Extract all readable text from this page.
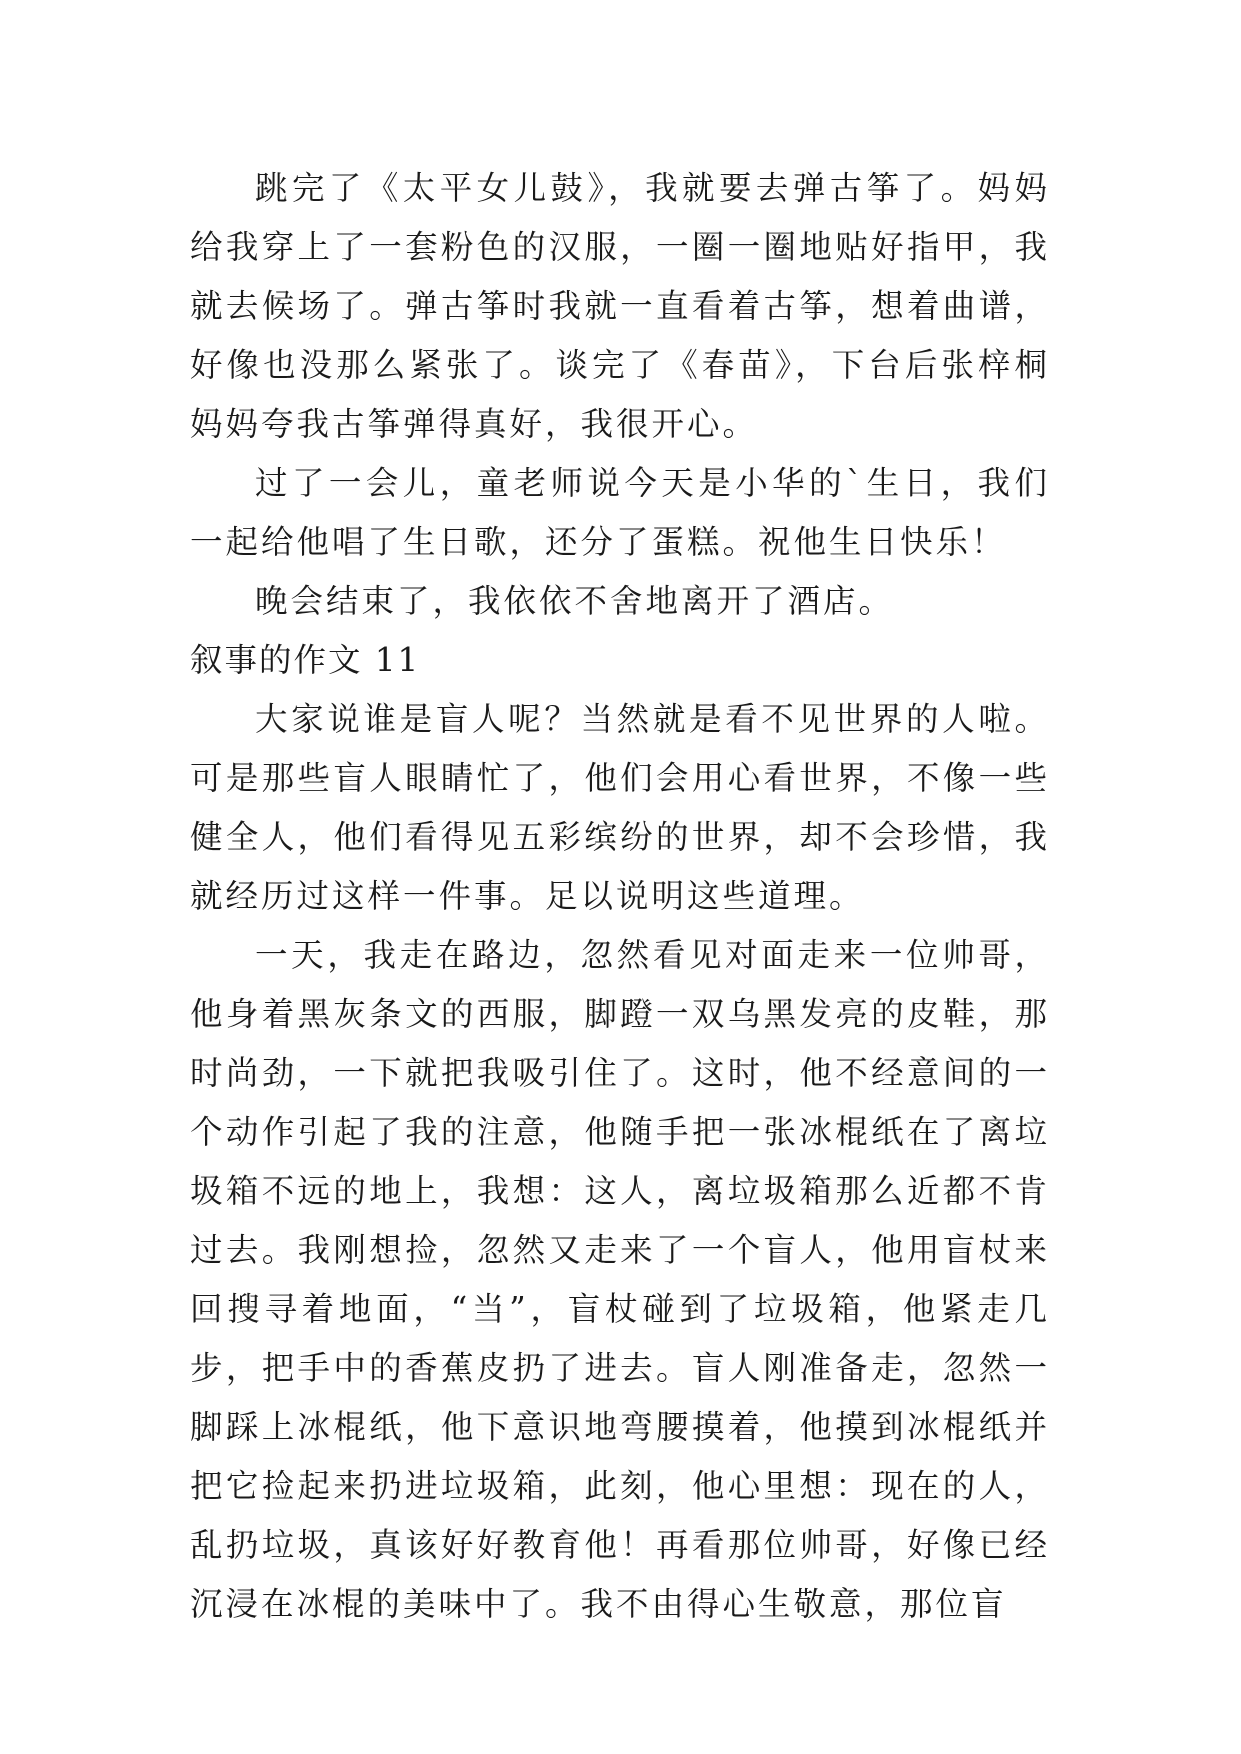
跳完了《太平女儿鼓》，我就要去弹古筝了。妈妈给我穿上了一套粉色的汉服，一圈一圈地贴好指甲，我就去候场了。弹古筝时我就一直看着古筝，想着曲谱，好像也没那么紧张了。谈完了《春苗》，下台后张梓桐妈妈夸我古筝弹得真好，我很开心。

过了一会儿，童老师说今天是小华的`生日，我们一起给他唱了生日歌，还分了蛋糕。祝他生日快乐！

晚会结束了，我依依不舍地离开了酒店。

叙事的作文 11

大家说谁是盲人呢？当然就是看不见世界的人啦。可是那些盲人眼睛忙了，他们会用心看世界，不像一些健全人，他们看得见五彩缤纷的世界，却不会珍惜，我就经历过这样一件事。足以说明这些道理。

一天，我走在路边，忽然看见对面走来一位帅哥，他身着黑灰条文的西服，脚蹬一双乌黑发亮的皮鞋，那时尚劲，一下就把我吸引住了。这时，他不经意间的一个动作引起了我的注意，他随手把一张冰棍纸在了离垃圾箱不远的地上，我想：这人，离垃圾箱那么近都不肯过去。我刚想捡，忽然又走来了一个盲人，他用盲杖来回搜寻着地面，“当”，盲杖碰到了垃圾箱，他紧走几步，把手中的香蕉皮扔了进去。盲人刚准备走，忽然一脚踩上冰棍纸，他下意识地弯腰摸着，他摸到冰棍纸并把它捡起来扔进垃圾箱，此刻，他心里想：现在的人，乱扔垃圾，真该好好教育他！再看那位帅哥，好像已经沉浸在冰棍的美味中了。我不由得心生敬意，那位盲
